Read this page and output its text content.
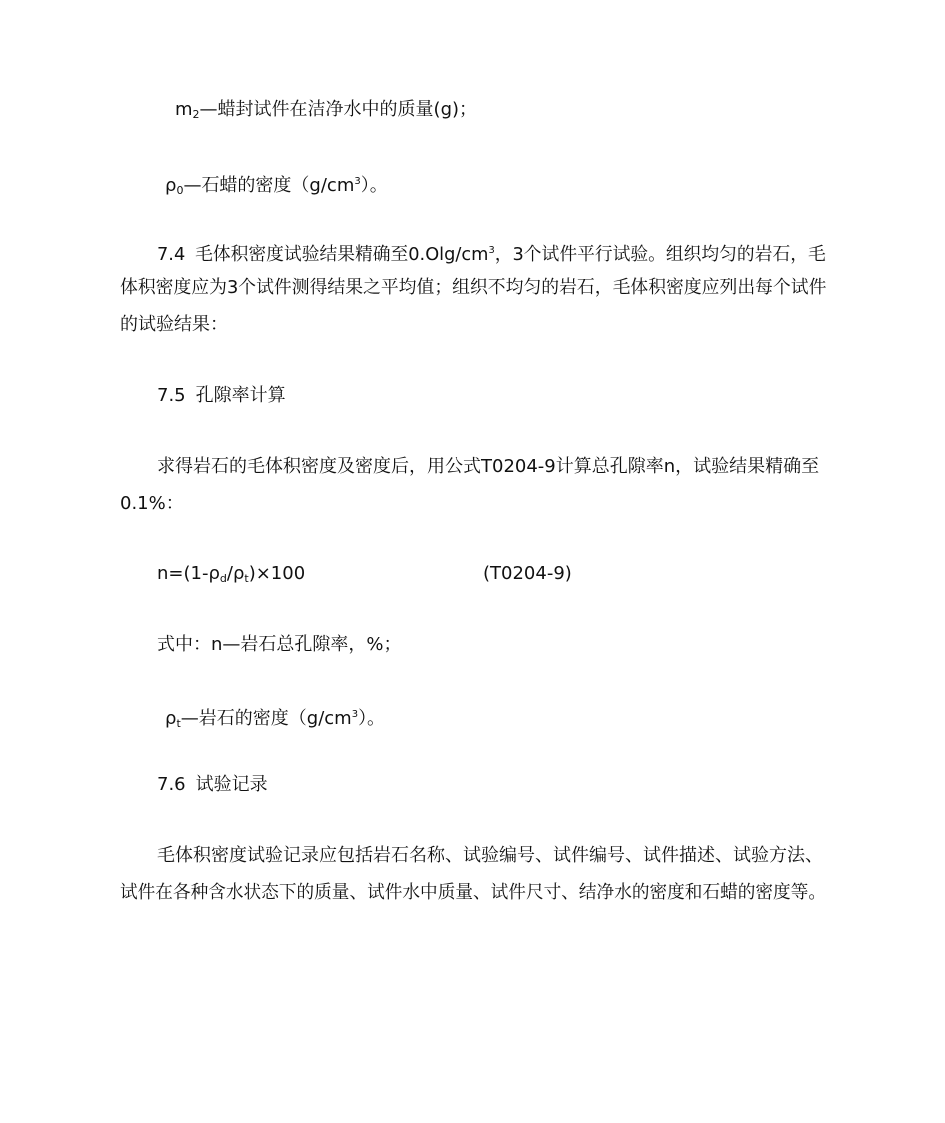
$m_2—$蜡封试件在洁净水中的质量(g)；
$\rho_0—$石蜡的密度$(g/cm^3)$。
7.4 毛体积密度试验结果精确至$0.Olg/cm^3$，3个试件平行试验。组织均匀的岩石，毛
体积密度应为3个试件测得结果之平均值；组织不均匀的岩石，毛体积密度应列出每个试件
的试验结果：
7.5 孔隙率计算
求得岩石的毛体积密度及密度后，用公式T0204-9计算总孔隙率n，试验结果精确至
0.1%：
$n=(1-\rho_d/\rho_t)\times 100$	(T0204-9)
式中：n—岩石总孔隙率，%；
$\rho_t—$岩石的密度$(g/cm^3)$。
7.6 试验记录
毛体积密度试验记录应包括岩石名称、试验编号、试件编号、试件描述、试验方法、
试件在各种含水状态下的质量、试件水中质量、试件尺寸、结净水的密度和石蜡的密度等。
